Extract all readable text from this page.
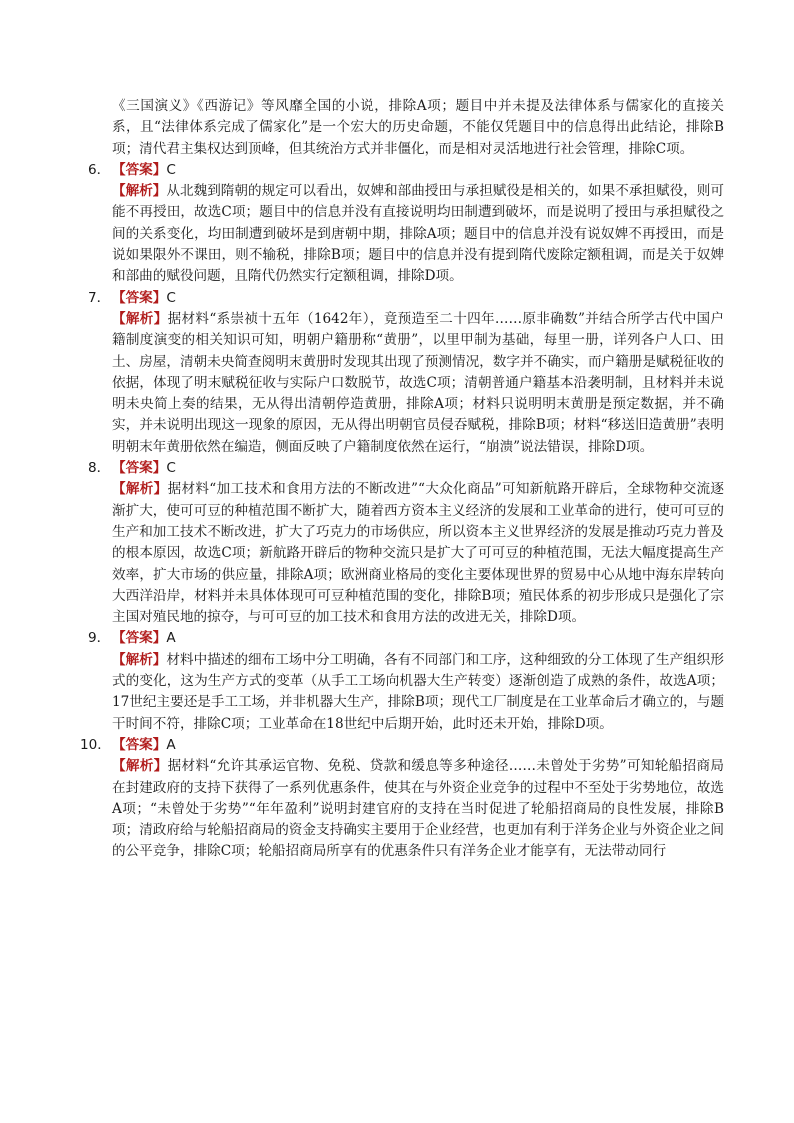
《三国演义》《西游记》等风靡全国的小说，排除A项；题目中并未提及法律体系与儒家化的直接关系，且“法律体系完成了儒家化”是一个宏大的历史命题，不能仅凭题目中的信息得出此结论，排除B项；清代君主集权达到顶峰，但其统治方式并非僵化，而是相对灵活地进行社会管理，排除C项。

6． 【答案】C

【解析】从北魏到隋朝的规定可以看出，奴婢和部曲授田与承担赋役是相关的，如果不承担赋役，则可能不再授田，故选C项；题目中的信息并没有直接说明均田制遭到破坏，而是说明了授田与承担赋役之间的关系变化，均田制遭到破坏是到唐朝中期，排除A项；题目中的信息并没有说奴婢不再授田，而是说如果限外不课田，则不输税，排除B项；题目中的信息并没有提到隋代废除定额租调，而是关于奴婢和部曲的赋役问题，且隋代仍然实行定额租调，排除D项。

7． 【答案】C

【解析】据材料“系崇祯十五年（1642年），竟预造至二十四年……原非确数”并结合所学古代中国户籍制度演变的相关知识可知，明朝户籍册称“黄册”，以里甲制为基础，每里一册，详列各户人口、田土、房屋，清朝未央简查阅明末黄册时发现其出现了预测情况，数字并不确实，而户籍册是赋税征收的依据，体现了明末赋税征收与实际户口数脱节，故选C项；清朝普通户籍基本沿袭明制，且材料并未说明未央简上奏的结果，无从得出清朝停造黄册，排除A项；材料只说明明末黄册是预定数据，并不确实，并未说明出现这一现象的原因，无从得出明朝官员侵吞赋税，排除B项；材料“移送旧造黄册”表明明朝末年黄册依然在编造，侧面反映了户籍制度依然在运行，“崩溃”说法错误，排除D项。

8． 【答案】C

【解析】据材料“加工技术和食用方法的不断改进”“大众化商品”可知新航路开辟后，全球物种交流逐渐扩大，使可可豆的种植范围不断扩大，随着西方资本主义经济的发展和工业革命的进行，使可可豆的生产和加工技术不断改进，扩大了巧克力的市场供应，所以资本主义世界经济的发展是推动巧克力普及的根本原因，故选C项；新航路开辟后的物种交流只是扩大了可可豆的种植范围，无法大幅度提高生产效率，扩大市场的供应量，排除A项；欧洲商业格局的变化主要体现世界的贸易中心从地中海东岸转向大西洋沿岸，材料并未具体体现可可豆种植范围的变化，排除B项；殖民体系的初步形成只是强化了宗主国对殖民地的掠夺，与可可豆的加工技术和食用方法的改进无关，排除D项。

9． 【答案】A

【解析】材料中描述的细布工场中分工明确，各有不同部门和工序，这种细致的分工体现了生产组织形式的变化，这为生产方式的变革（从手工工场向机器大生产转变）逐渐创造了成熟的条件，故选A项；17世纪主要还是手工工场，并非机器大生产，排除B项；现代工厂制度是在工业革命后才确立的，与题干时间不符，排除C项；工业革命在18世纪中后期开始，此时还未开始，排除D项。

10． 【答案】A

【解析】据材料“允许其承运官物、免税、贷款和缓息等多种途径……未曾处于劣势”可知轮船招商局在封建政府的支持下获得了一系列优惠条件，使其在与外资企业竞争的过程中不至处于劣势地位，故选A项；“未曾处于劣势”“年年盈利”说明封建官府的支持在当时促进了轮船招商局的良性发展，排除B项；清政府给与轮船招商局的资金支持确实主要用于企业经营，也更加有利于洋务企业与外资企业之间的公平竞争，排除C项；轮船招商局所享有的优惠条件只有洋务企业才能享有，无法带动同行
